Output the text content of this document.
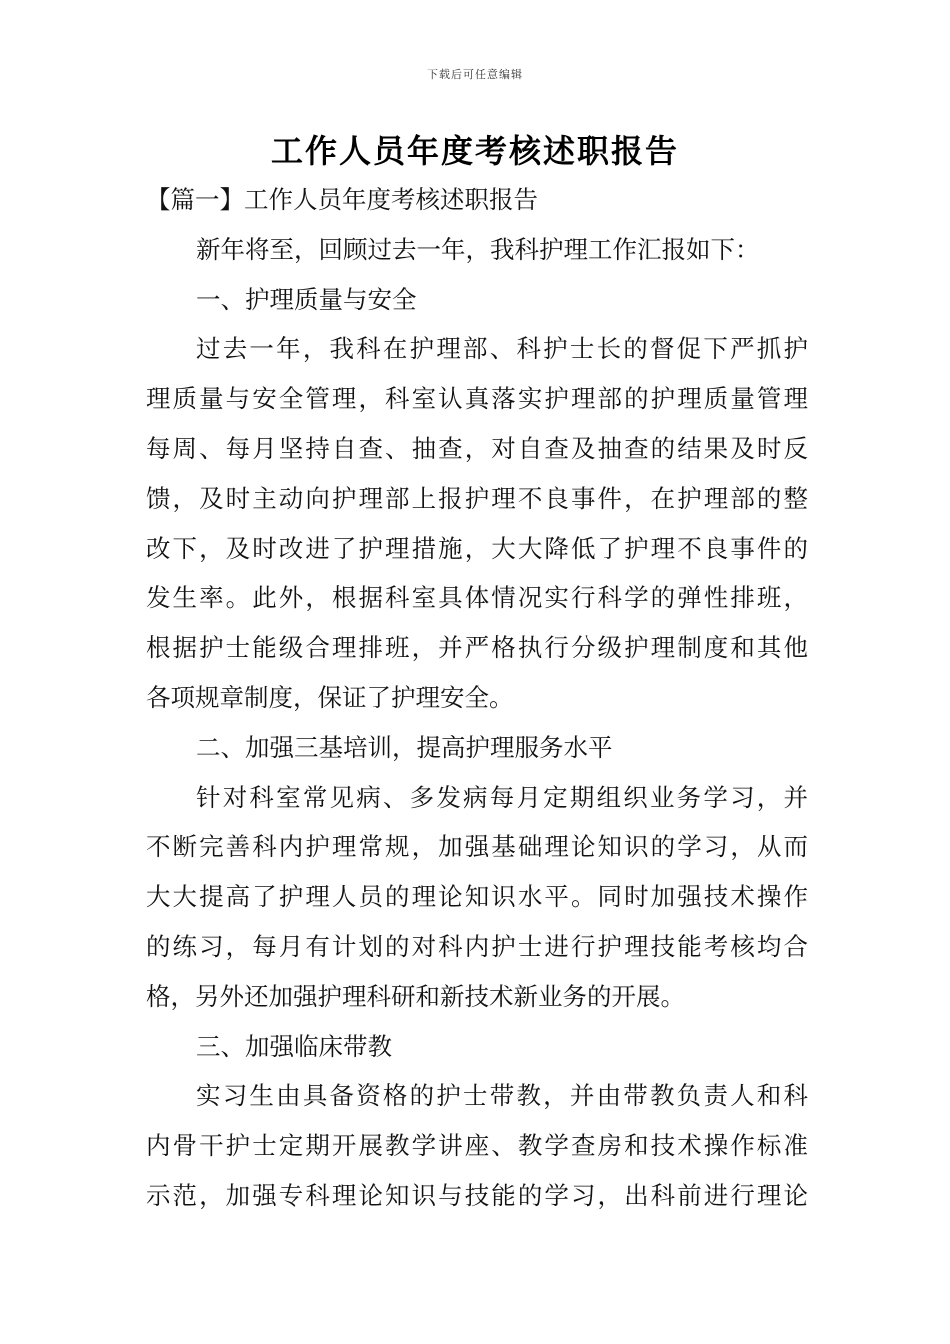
下载后可任意编辑
工作人员年度考核述职报告
【篇一】工作人员年度考核述职报告
新年将至，回顾过去一年，我科护理工作汇报如下：
一、护理质量与安全
过去一年，我科在护理部、科护士长的督促下严抓护
理质量与安全管理，科室认真落实护理部的护理质量管理
每周、每月坚持自查、抽查，对自查及抽查的结果及时反
馈，及时主动向护理部上报护理不良事件，在护理部的整
改下，及时改进了护理措施，大大降低了护理不良事件的
发生率。此外，根据科室具体情况实行科学的弹性排班，
根据护士能级合理排班，并严格执行分级护理制度和其他
各项规章制度，保证了护理安全。
二、加强三基培训，提高护理服务水平
针对科室常见病、多发病每月定期组织业务学习，并
不断完善科内护理常规，加强基础理论知识的学习，从而
大大提高了护理人员的理论知识水平。同时加强技术操作
的练习，每月有计划的对科内护士进行护理技能考核均合
格，另外还加强护理科研和新技术新业务的开展。
三、加强临床带教
实习生由具备资格的护士带教，并由带教负责人和科
内骨干护士定期开展教学讲座、教学查房和技术操作标准
示范，加强专科理论知识与技能的学习，出科前进行理论
